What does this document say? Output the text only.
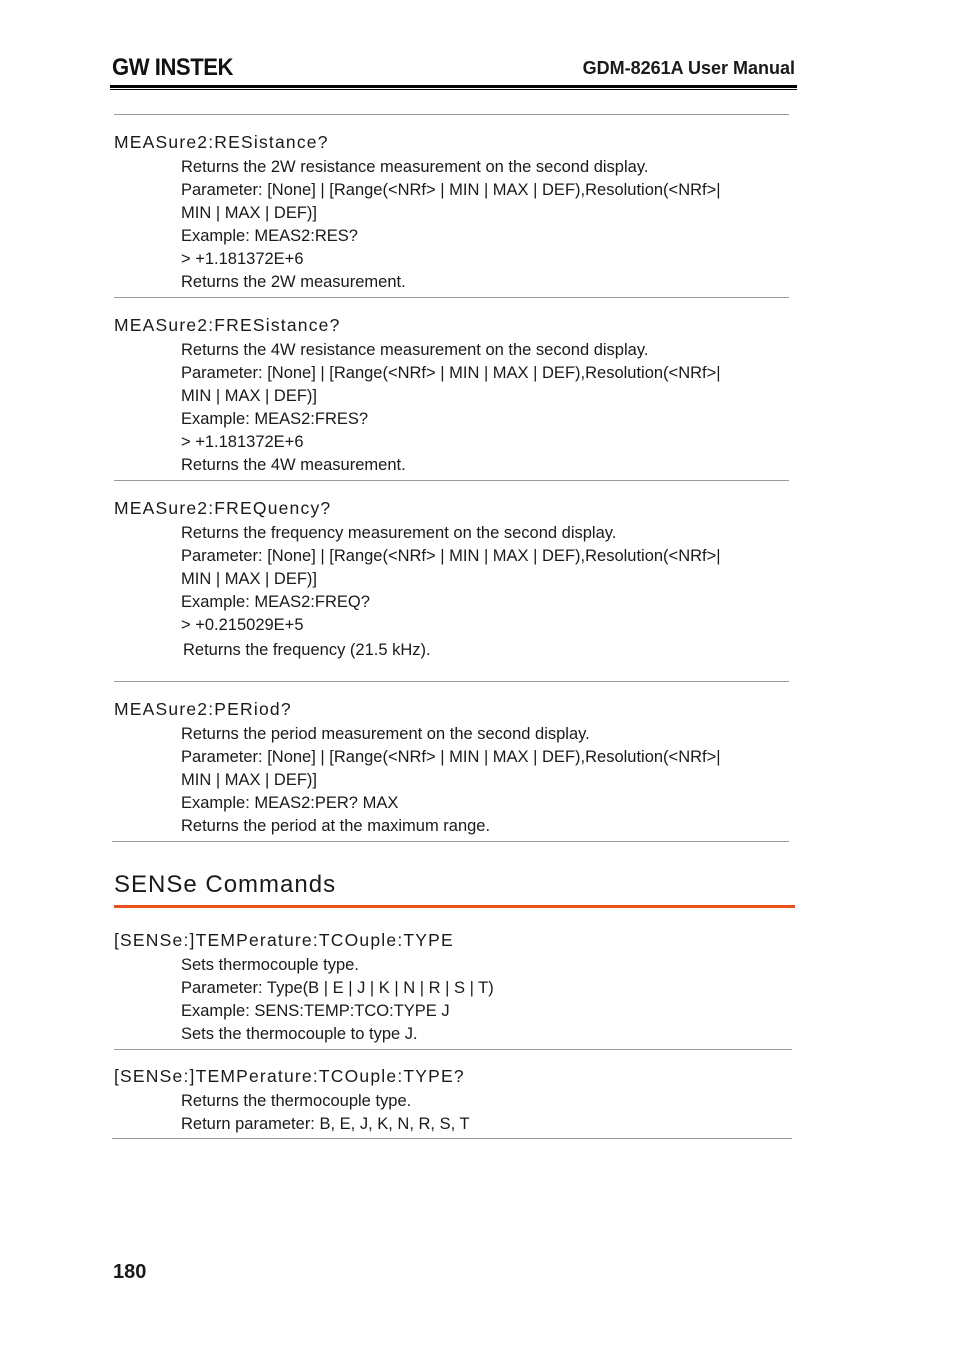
GW INSTEK	GDM-8261A User Manual
MEASure2:RESistance?
Returns the 2W resistance measurement on the second display.
Parameter: [None] | [Range(<NRf> | MIN | MAX | DEF),Resolution(<NRf>|
MIN | MAX | DEF)]
Example: MEAS2:RES?
> +1.181372E+6
Returns the 2W measurement.
MEASure2:FRESistance?
Returns the 4W resistance measurement on the second display.
Parameter: [None] | [Range(<NRf> | MIN | MAX | DEF),Resolution(<NRf>|
MIN | MAX | DEF)]
Example: MEAS2:FRES?
> +1.181372E+6
Returns the 4W measurement.
MEASure2:FREQuency?
Returns the frequency measurement on the second display.
Parameter: [None] | [Range(<NRf> | MIN | MAX | DEF),Resolution(<NRf>|
MIN | MAX | DEF)]
Example: MEAS2:FREQ?
> +0.215029E+5
Returns the frequency (21.5 kHz).
MEASure2:PERiod?
Returns the period measurement on the second display.
Parameter: [None] | [Range(<NRf> | MIN | MAX | DEF),Resolution(<NRf>|
MIN | MAX | DEF)]
Example: MEAS2:PER? MAX
Returns the period at the maximum range.
SENSe Commands
[SENSe:]TEMPerature:TCOuple:TYPE
Sets thermocouple type.
Parameter: Type(B | E | J | K | N | R | S | T)
Example: SENS:TEMP:TCO:TYPE J
Sets the thermocouple to type J.
[SENSe:]TEMPerature:TCOuple:TYPE?
Returns the thermocouple type.
Return parameter: B, E, J, K, N, R, S, T
180
